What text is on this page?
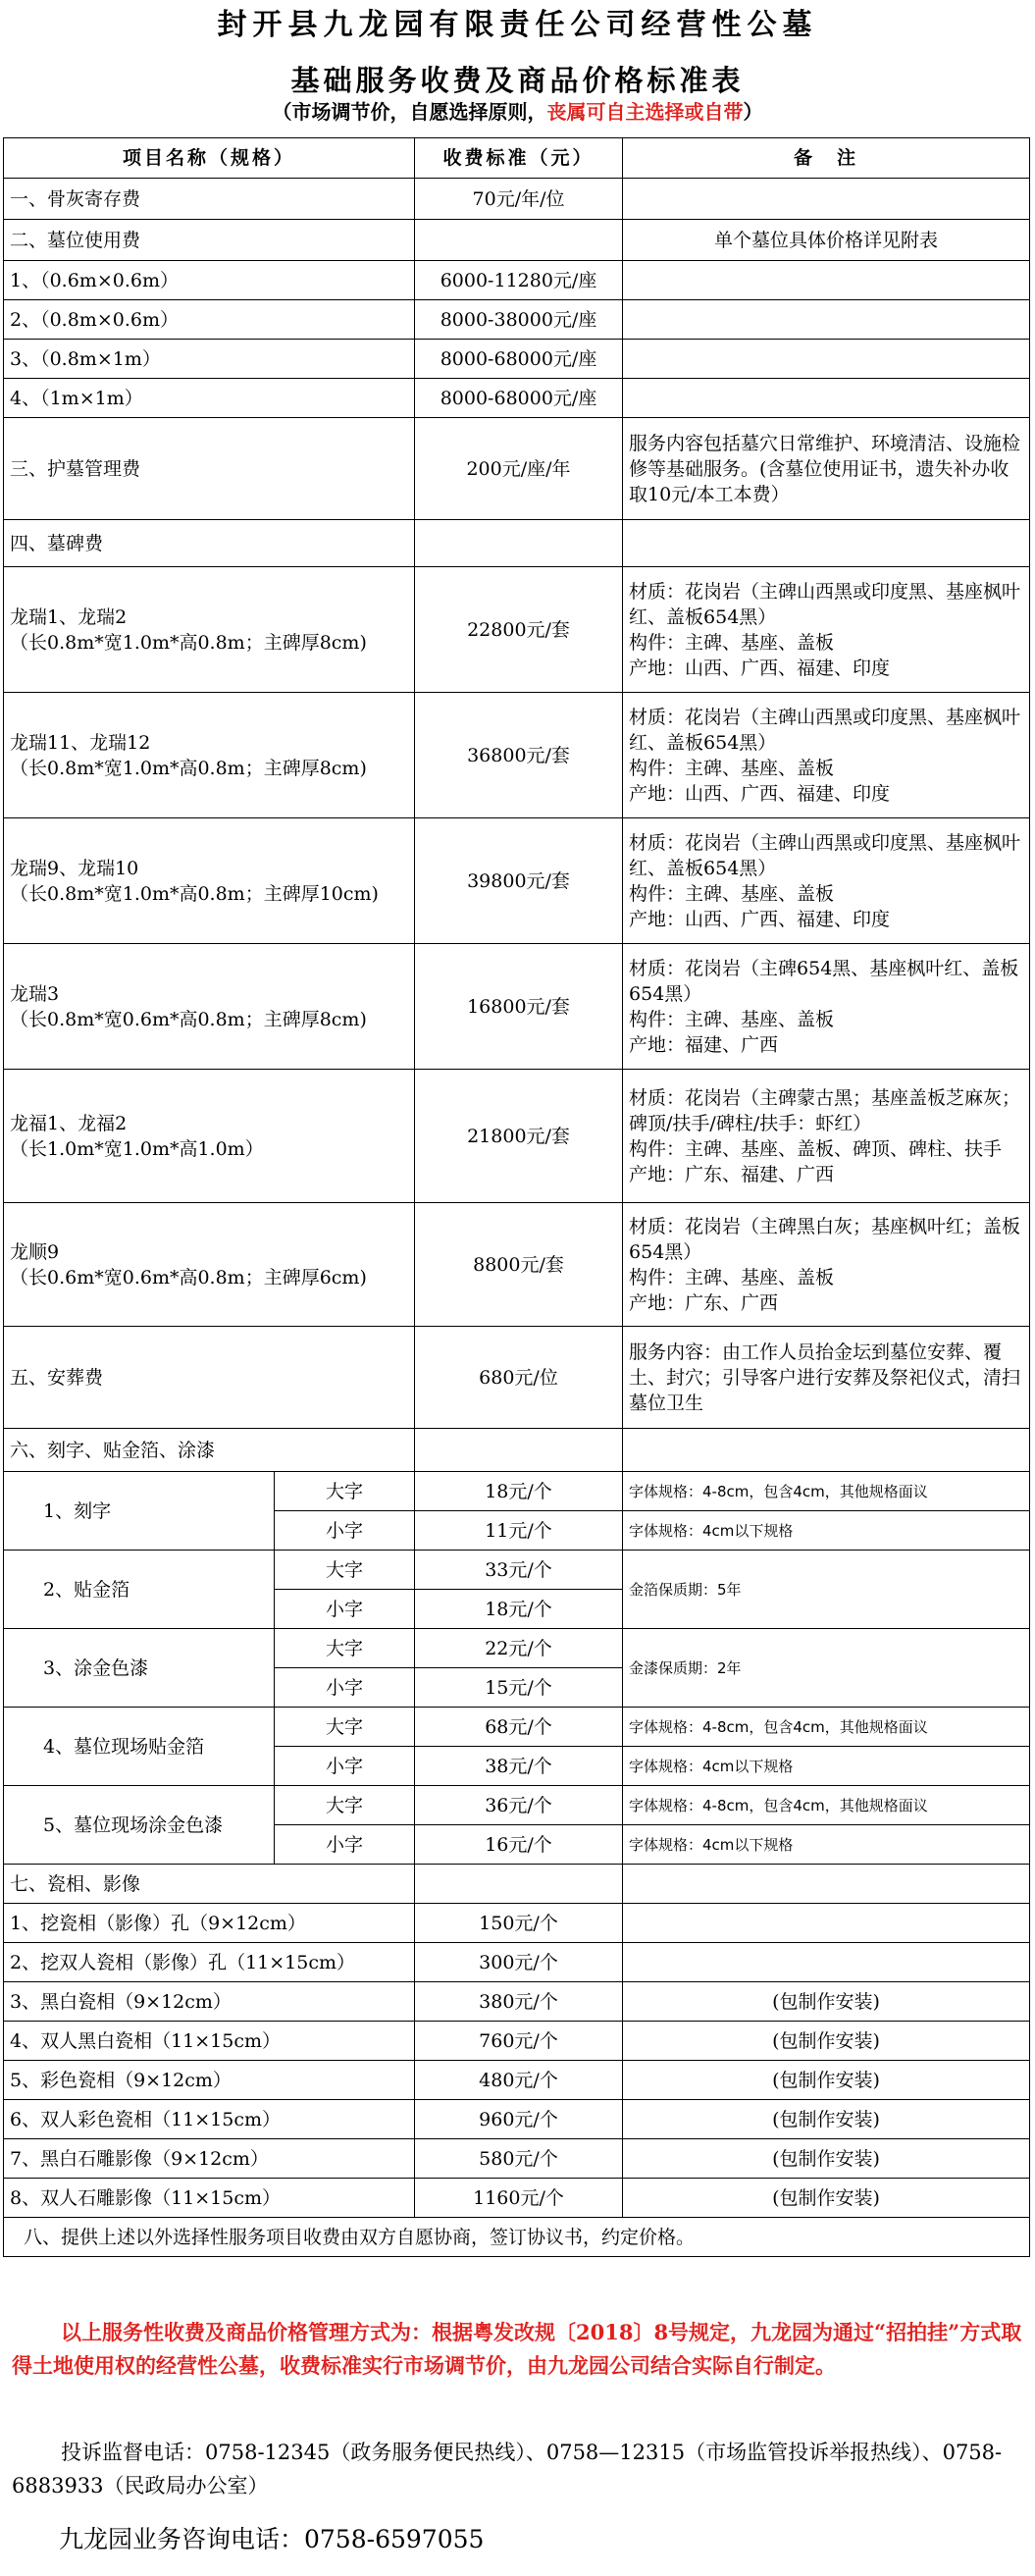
封开县九龙园有限责任公司经营性公墓
基础服务收费及商品价格标准表
（市场调节价，自愿选择原则，丧属可自主选择或自带）
项目名称（规格）		收费标准（元）	备　注
一、骨灰寄存费		70元/年/位	
二、墓位使用费			单个墓位具体价格详见附表
1、（0.6m×0.6m）		6000-11280元/座	
2、（0.8m×0.6m）		8000-38000元/座	
3、（0.8m×1m）		8000-68000元/座	
4、（1m×1m）		8000-68000元/座	
三、护墓管理费		200元/座/年	服务内容包括墓穴日常维护、环境清洁、设施检修等基础服务。(含墓位使用证书，遗失补办收取10元/本工本费）
四、墓碑费			

龙瑞1、龙瑞2
（长0.8m*宽1.0m*高0.8m；主碑厚8cm)		22800元/套	材质：花岗岩（主碑山西黑或印度黑、基座枫叶红、盖板654黑）
构件：主碑、基座、盖板
产地：山西、广西、福建、印度

龙瑞11、龙瑞12
（长0.8m*宽1.0m*高0.8m；主碑厚8cm)		36800元/套	材质：花岗岩（主碑山西黑或印度黑、基座枫叶红、盖板654黑）
构件：主碑、基座、盖板
产地：山西、广西、福建、印度

龙瑞9、龙瑞10
（长0.8m*宽1.0m*高0.8m；主碑厚10cm)		39800元/套	材质：花岗岩（主碑山西黑或印度黑、基座枫叶红、盖板654黑）
构件：主碑、基座、盖板
产地：山西、广西、福建、印度

龙瑞3
（长0.8m*宽0.6m*高0.8m；主碑厚8cm)		16800元/套	材质：花岗岩（主碑654黑、基座枫叶红、盖板654黑）
构件：主碑、基座、盖板
产地：福建、广西

龙福1、龙福2
（长1.0m*宽1.0m*高1.0m）		21800元/套	材质：花岗岩（主碑蒙古黑；基座盖板芝麻灰；碑顶/扶手/碑柱/扶手：虾红）
构件：主碑、基座、盖板、碑顶、碑柱、扶手
产地：广东、福建、广西

龙顺9
（长0.6m*宽0.6m*高0.8m；主碑厚6cm)		8800元/套	材质：花岗岩（主碑黑白灰；基座枫叶红；盖板654黑）
构件：主碑、基座、盖板
产地：广东、广西

五、安葬费		680元/位	服务内容：由工作人员抬金坛到墓位安葬、覆土、封穴；引导客户进行安葬及祭祀仪式，清扫墓位卫生
六、刻字、贴金箔、涂漆			
1、刻字	大字	18元/个	字体规格：4-8cm，包含4cm，其他规格面议
	小字	11元/个	字体规格：4cm以下规格
2、贴金箔	大字	33元/个	金箔保质期：5年
	小字	18元/个	
3、涂金色漆	大字	22元/个	金漆保质期：2年
	小字	15元/个	
4、墓位现场贴金箔	大字	68元/个	字体规格：4-8cm，包含4cm，其他规格面议
	小字	38元/个	字体规格：4cm以下规格
5、墓位现场涂金色漆	大字	36元/个	字体规格：4-8cm，包含4cm，其他规格面议
	小字	16元/个	字体规格：4cm以下规格
七、瓷相、影像			
1、挖瓷相（影像）孔（9×12cm）		150元/个	
2、挖双人瓷相（影像）孔（11×15cm）		300元/个	
3、黑白瓷相（9×12cm）		380元/个	(包制作安装)
4、双人黑白瓷相（11×15cm）		760元/个	(包制作安装)
5、彩色瓷相（9×12cm）		480元/个	(包制作安装)
6、双人彩色瓷相（11×15cm）		960元/个	(包制作安装)
7、黑白石雕影像（9×12cm）		580元/个	(包制作安装)
8、双人石雕影像（11×15cm）		1160元/个	(包制作安装)
八、提供上述以外选择性服务项目收费由双方自愿协商，签订协议书，约定价格。			
以上服务性收费及商品价格管理方式为：根据粤发改规〔2018〕8号规定，九龙园为通过“招拍挂”方式取得土地使用权的经营性公墓，收费标准实行市场调节价，由九龙园公司结合实际自行制定。
投诉监督电话：0758-12345（政务服务便民热线）、0758—12315（市场监管投诉举报热线）、0758-6883933（民政局办公室）
九龙园业务咨询电话：0758-6597055
